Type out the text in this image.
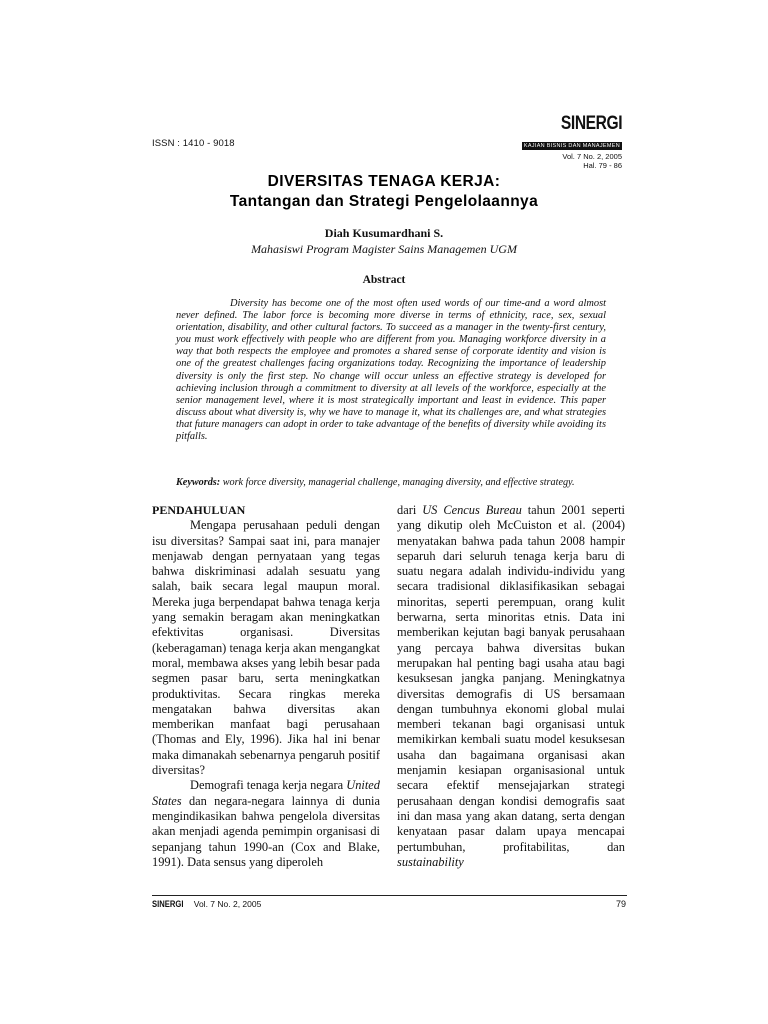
ISSN : 1410 - 9018
SINERGI
KAJIAN BISNIS DAN MANAJEMEN
Vol. 7 No. 2, 2005
Hal. 79 - 86
DIVERSITAS TENAGA KERJA:
Tantangan dan Strategi Pengelolaannya
Diah Kusumardhani S.
Mahasiswi Program Magister Sains Managemen UGM
Abstract
Diversity has become one of the most often used words of our time-and a word almost never defined. The labor force is becoming more diverse in terms of ethnicity, race, sex, sexual orientation, disability, and other cultural factors. To succeed as a manager in the twenty-first century, you must work effectively with people who are different from you. Managing workforce diversity in a way that both respects the employee and promotes a shared sense of corporate identity and vision is one of the greatest challenges facing organizations today. Recognizing the importance of leadership diversity is only the first step. No change will occur unless an effective strategy is developed for achieving inclusion through a commitment to diversity at all levels of the workforce, especially at the senior management level, where it is most strategically important and least in evidence. This paper discuss about what diversity is, why we have to manage it, what its challenges are, and what strategies that future managers can adopt in order to take advantage of the benefits of diversity while avoiding its pitfalls.
Keywords: work force diversity, managerial challenge, managing diversity, and effective strategy.

PENDAHULUAN

Mengapa perusahaan peduli dengan isu diversitas? Sampai saat ini, para manajer menjawab dengan pernyataan yang tegas bahwa diskriminasi adalah sesuatu yang salah, baik secara legal maupun moral. Mereka juga berpendapat bahwa tenaga kerja yang semakin beragam akan meningkatkan efektivitas organisasi. Diversitas (keberagaman) tenaga kerja akan mengangkat moral, membawa akses yang lebih besar pada segmen pasar baru, serta meningkatkan produktivitas. Secara ringkas mereka mengatakan bahwa diversitas akan memberikan manfaat bagi perusahaan (Thomas and Ely, 1996). Jika hal ini benar maka dimanakah sebenarnya pengaruh positif diversitas?

Demografi tenaga kerja negara United States dan negara-negara lainnya di dunia mengindikasikan bahwa pengelola diversitas akan menjadi agenda pemimpin organisasi di sepanjang tahun 1990-an (Cox and Blake, 1991). Data sensus yang diperoleh

dari US Cencus Bureau tahun 2001 seperti yang dikutip oleh McCuiston et al. (2004) menyatakan bahwa pada tahun 2008 hampir separuh dari seluruh tenaga kerja baru di suatu negara adalah individu-individu yang secara tradisional diklasifikasikan sebagai minoritas, seperti perempuan, orang kulit berwarna, serta minoritas etnis. Data ini memberikan kejutan bagi banyak perusahaan yang percaya bahwa diversitas bukan merupakan hal penting bagi usaha atau bagi kesuksesan jangka panjang. Meningkatnya diversitas demografis di US bersamaan dengan tumbuhnya ekonomi global mulai memberi tekanan bagi organisasi untuk memikirkan kembali suatu model kesuksesan usaha dan bagaimana organisasi akan menjamin kesiapan organisasional untuk secara efektif mensejajarkan strategi perusahaan dengan kondisi demografis saat ini dan masa yang akan datang, serta dengan kenyataan pasar dalam upaya mencapai pertumbuhan, profitabilitas, dan sustainability

SINERGI Vol. 7 No. 2, 2005	79
